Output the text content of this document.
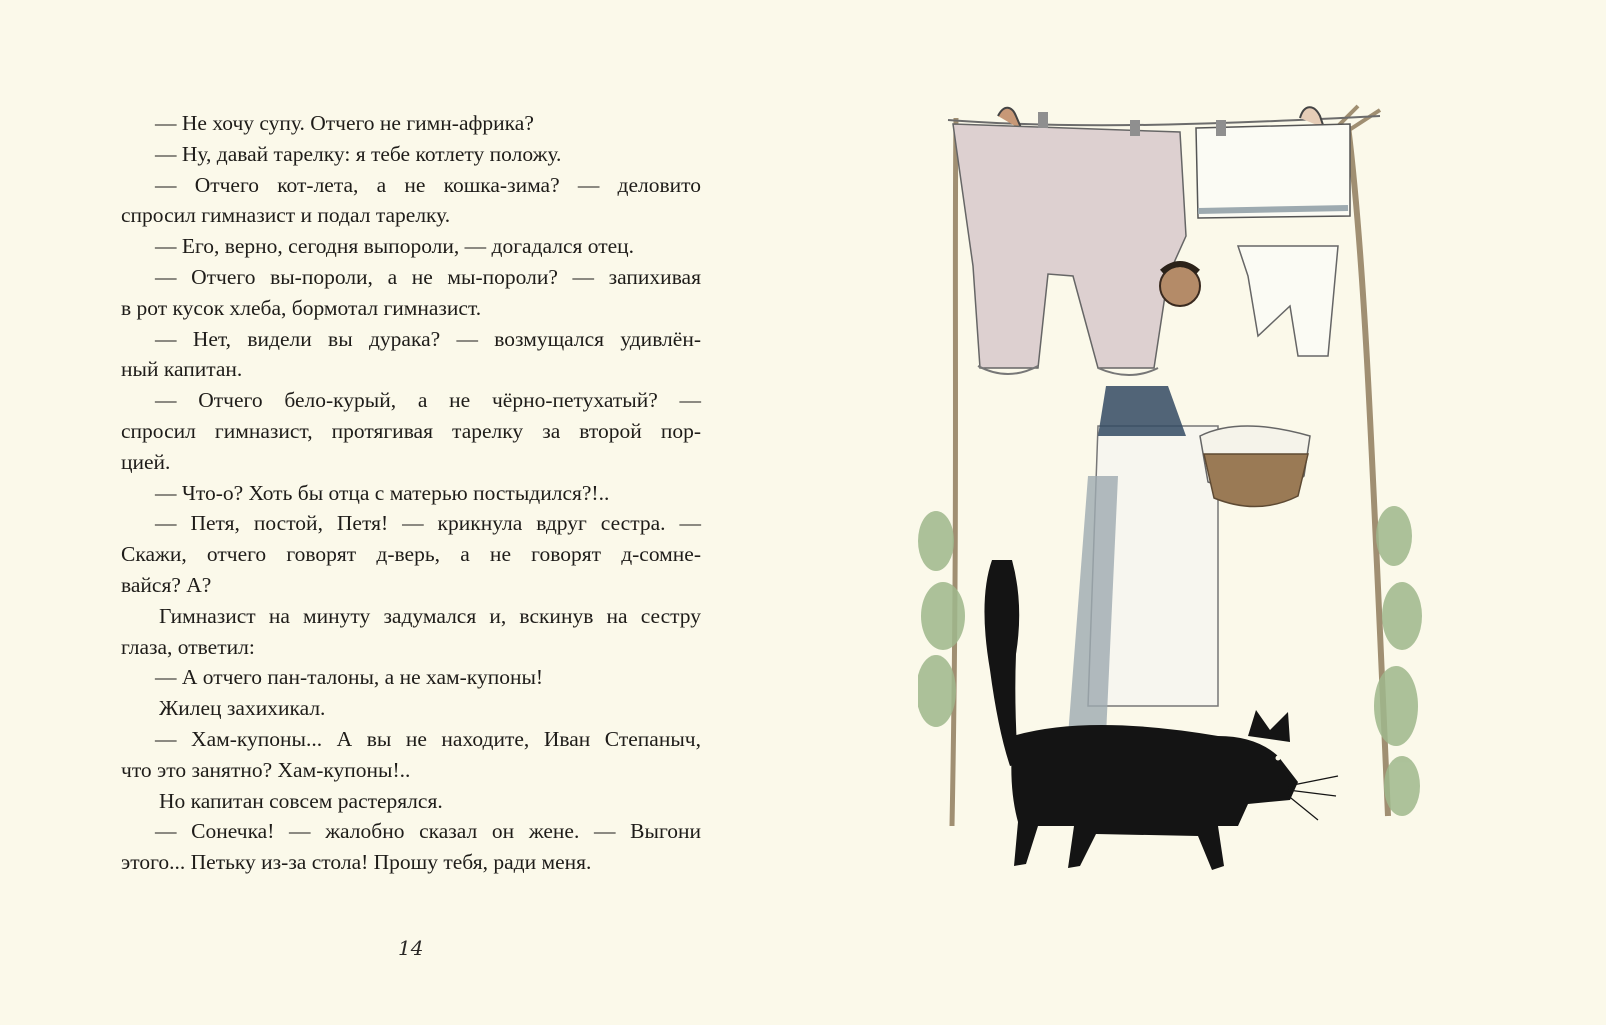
— Не хочу супу. Отчего не гимн-африка?
— Ну, давай тарелку: я тебе котлету положу.
— Отчего кот-лета, а не кошка-зима? — деловито
спросил гимназист и подал тарелку.
— Его, верно, сегодня выпороли, — догадался отец.
— Отчего вы-пороли, а не мы-пороли? — запихивая
в рот кусок хлеба, бормотал гимназист.
— Нет, видели вы дурака? — возмущался удивлён-
ный капитан.
— Отчего бело-курый, а не чёрно-петухатый? —
спросил гимназист, протягивая тарелку за второй пор-
цией.
— Что-о? Хоть бы отца с матерью постыдился?!..
— Петя, постой, Петя! — крикнула вдруг сестра. —
Скажи, отчего говорят д-верь, а не говорят д-сомне-
вайся? А?
Гимназист на минуту задумался и, вскинув на сестру
глаза, ответил:
— А отчего пан-талоны, а не хам-купоны!
Жилец захихикал.
— Хам-купоны... А вы не находите, Иван Степаныч,
что это занятно? Хам-купоны!..
Но капитан совсем растерялся.
— Сонечка! — жалобно сказал он жене. — Выгони
этого... Петьку из-за стола! Прошу тебя, ради меня.
14
